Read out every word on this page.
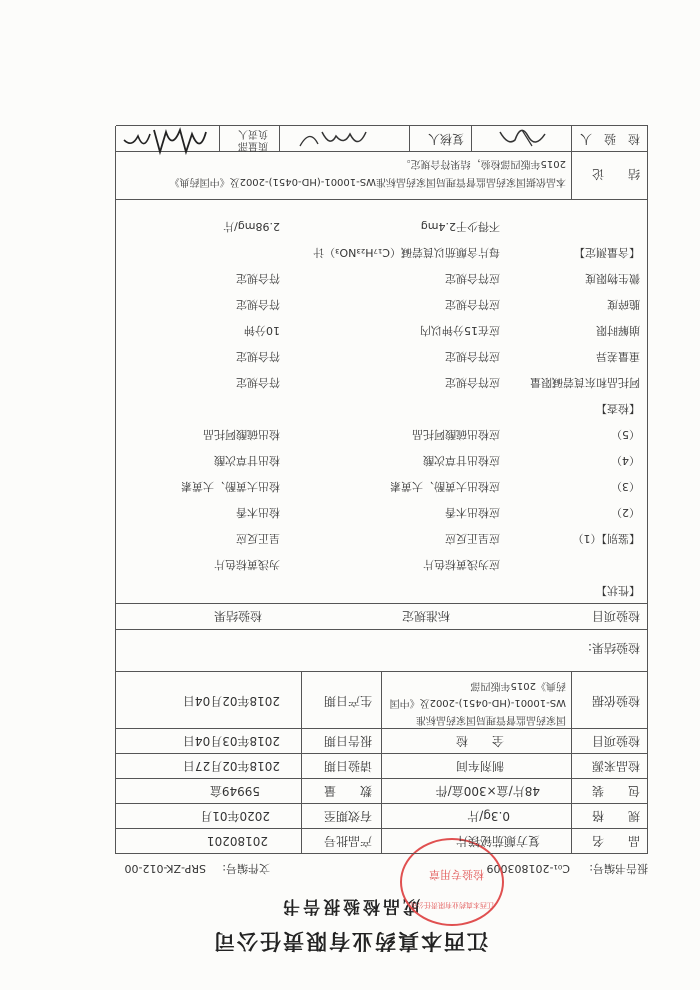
江西本真药业有限责任公司
成品检验报告书
报告书编号:
C₀₁-201803009
文件编号:
SRP-ZK-012-00
江西本真药业有限责任公司
检验专用章
品　　名
复方颠茄铋镁片
产品批号
20180201
规　　格
0.3g/片
有效期至
2020年01月
包　　装
48片/盒×300盒/件
数　　量
59949盒
检品来源
制剂车间
请验日期
2018年02月27日
检验项目
全　　检
报告日期
2018年03月04日
检验依据
国家药品监督管理局国家药品标准
WS-10001-(HD-0451)-2002及《中国
药典》2015年版四部
生产日期
2018年02月04日
检验结果:
检验项目
标准规定
检验结果
【性状】
应为浅黄棕色片
为浅黄棕色片
【鉴别】（1）
应呈正反应
呈正反应
（2）
应检出木香
检出木香
（3）
应检出大黄酚、大黄素
检出大黄酚、大黄素
（4）
应检出甘草次酸
检出甘草次酸
（5）
应检出硫酸阿托品
检出硫酸阿托品
【检查】
阿托品和东莨菪碱限量
应符合规定
符合规定
重量差异
应符合规定
符合规定
崩解时限
应在15分钟以内
10分钟
脆碎度
应符合规定
符合规定
微生物限度
应符合规定
符合规定
【含量测定】
每片含颠茄以莨菪碱（C₁₇H₂₃NO₃）计
不得少于2.4mg
2.98mg/片
结　　论
本品依据国家药品监督管理局国家药品标准WS-10001-(HD-0451)-2002及《中国药典》
2015年版四部检验，结果符合规定。
检　验　人
复核人
质量部
负责人
